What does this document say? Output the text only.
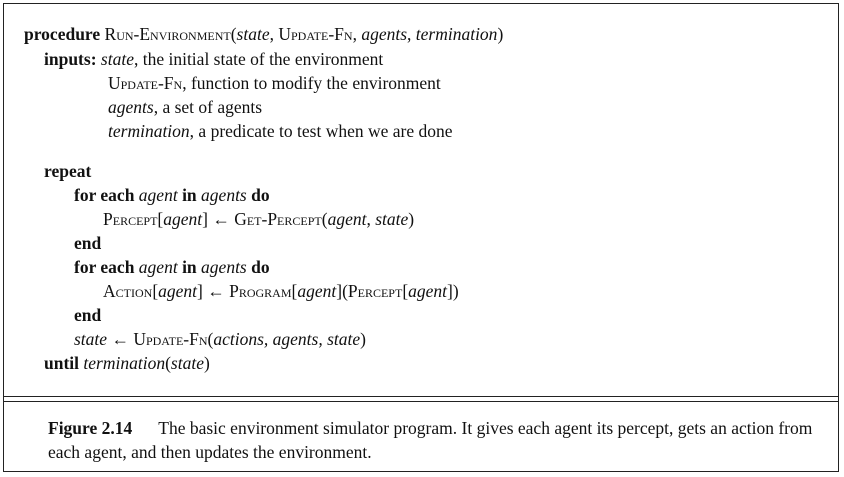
procedure Run-Environment(state, Update-Fn, agents, termination)
inputs: state, the initial state of the environment
Update-Fn, function to modify the environment
agents, a set of agents
termination, a predicate to test when we are done
repeat
for each agent in agents do
Percept[agent] ← Get-Percept(agent, state)
end
for each agent in agents do
Action[agent] ← Program[agent](Percept[agent])
end
state ← Update-Fn(actions, agents, state)
until termination(state)
Figure 2.14 The basic environment simulator program. It gives each agent its percept, gets an action from each agent, and then updates the environment.
